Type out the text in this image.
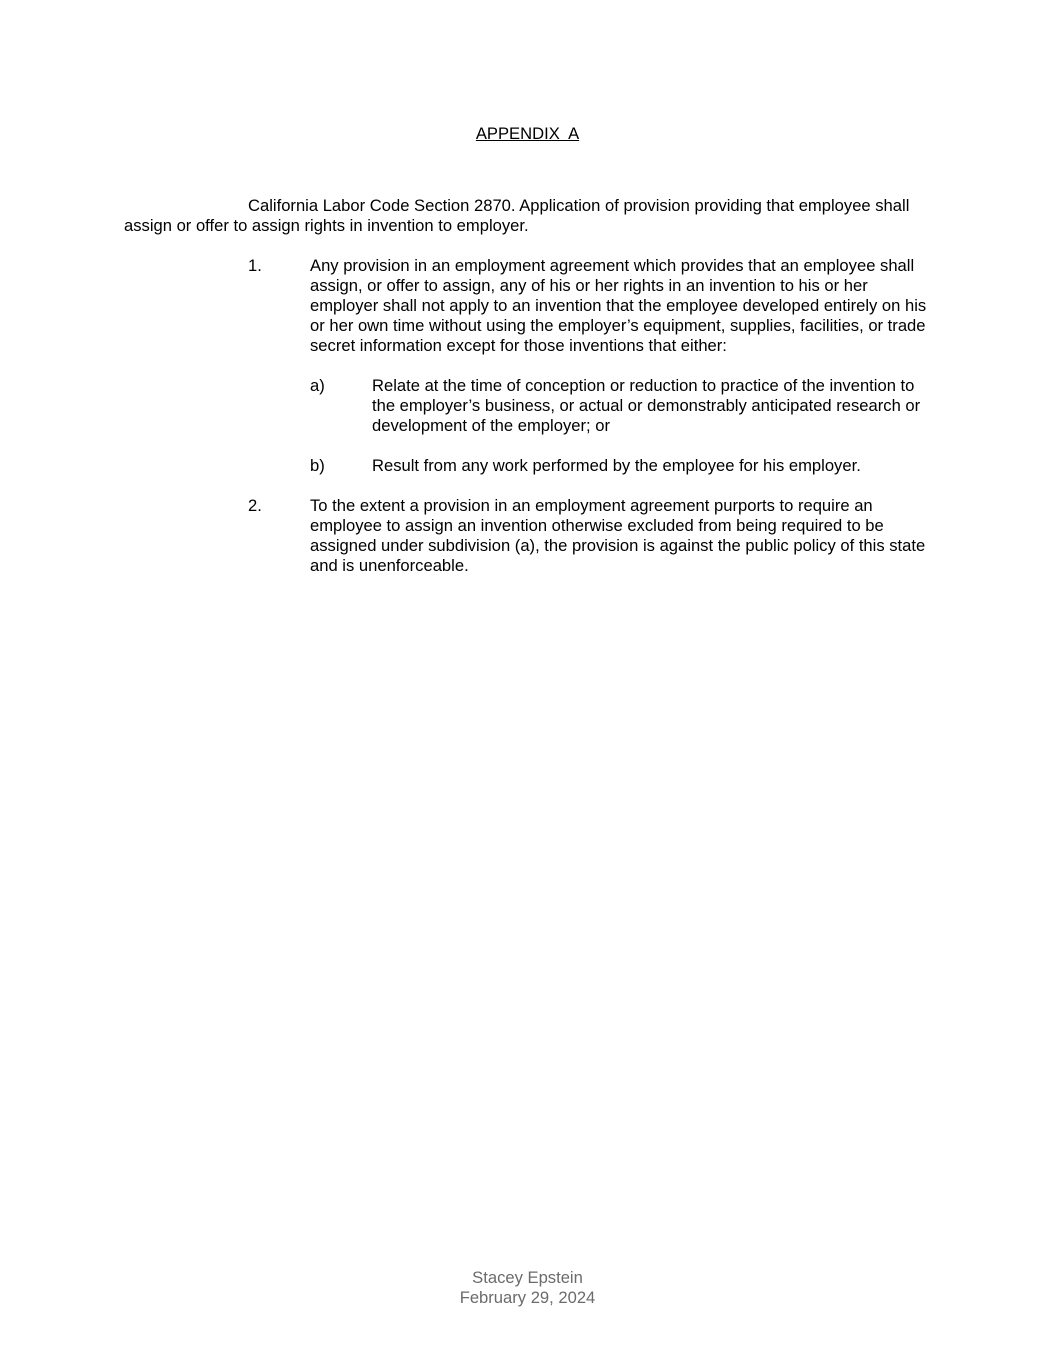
APPENDIX  A
California Labor Code Section 2870. Application of provision providing that employee shall assign or offer to assign rights in invention to employer.
1.	Any provision in an employment agreement which provides that an employee shall assign, or offer to assign, any of his or her rights in an invention to his or her employer shall not apply to an invention that the employee developed entirely on his or her own time without using the employer’s equipment, supplies, facilities, or trade secret information except for those inventions that either:
a)	Relate at the time of conception or reduction to practice of the invention to the employer’s business, or actual or demonstrably anticipated research or development of the employer; or
b)	Result from any work performed by the employee for his employer.
2.	To the extent a provision in an employment agreement purports to require an employee to assign an invention otherwise excluded from being required to be assigned under subdivision (a), the provision is against the public policy of this state and is unenforceable.
Stacey Epstein
February 29, 2024
